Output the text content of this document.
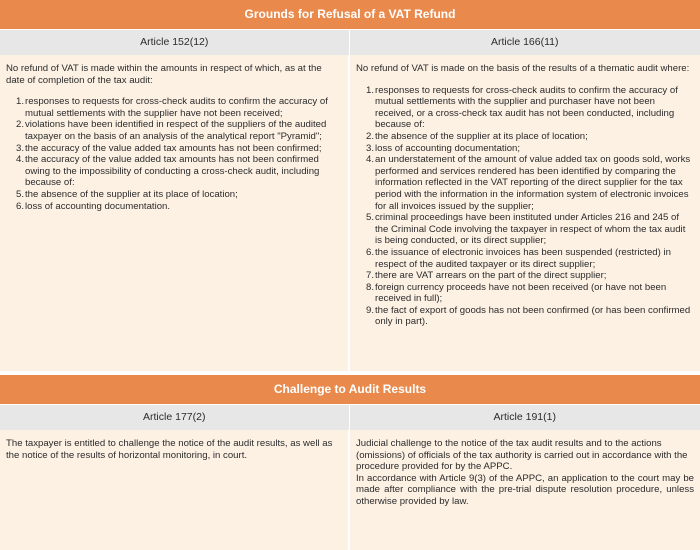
Grounds for Refusal of a VAT Refund
Article 152(12)	Article 166(11)

No refund of VAT is made within the amounts in respect of which, as at the date of completion of the tax audit:

1. responses to requests for cross-check audits to confirm the accuracy of mutual settlements with the supplier have not been received;
2. violations have been identified in respect of the suppliers of the audited taxpayer on the basis of an analysis of the analytical report "Pyramid";
3. the accuracy of the value added tax amounts has not been confirmed;
4. the accuracy of the value added tax amounts has not been confirmed owing to the impossibility of conducting a cross-check audit, including because of:
5. the absence of the supplier at its place of location;
6. loss of accounting documentation.

No refund of VAT is made on the basis of the results of a thematic audit where:

1. responses to requests for cross-check audits to confirm the accuracy of mutual settlements with the supplier and purchaser have not been received, or a cross-check tax audit has not been conducted, including because of:
2. the absence of the supplier at its place of location;
3. loss of accounting documentation;
4. an understatement of the amount of value added tax on goods sold, works performed and services rendered has been identified by comparing the information reflected in the VAT reporting of the direct supplier for the tax period with the information in the information system of electronic invoices for all invoices issued by the supplier;
5. criminal proceedings have been instituted under Articles 216 and 245 of the Criminal Code involving the taxpayer in respect of whom the tax audit is being conducted, or its direct supplier;
6. the issuance of electronic invoices has been suspended (restricted) in respect of the audited taxpayer or its direct supplier;
7. there are VAT arrears on the part of the direct supplier;
8. foreign currency proceeds have not been received (or have not been received in full);
9. the fact of export of goods has not been confirmed (or has been confirmed only in part).
Challenge to Audit Results
Article 177(2)	Article 191(1)

The taxpayer is entitled to challenge the notice of the audit results, as well as the notice of the results of horizontal monitoring, in court.

Judicial challenge to the notice of the tax audit results and to the actions (omissions) of officials of the tax authority is carried out in accordance with the procedure provided for by the APPC.

In accordance with Article 9(3) of the APPC, an application to the court may be made after compliance with the pre-trial dispute resolution procedure, unless otherwise provided by law.
